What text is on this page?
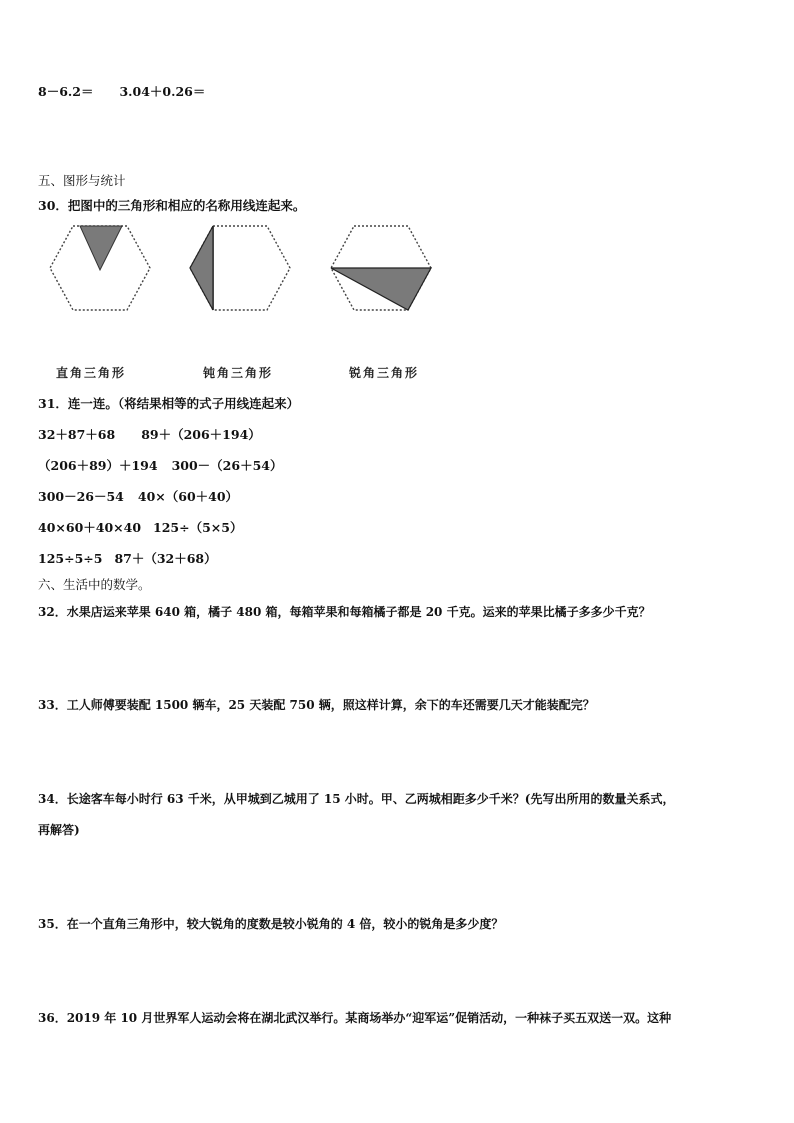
8－6.2＝ 3.04＋0.26＝
五、图形与统计
30．把图中的三角形和相应的名称用线连起来。
直角三角形	钝角三角形	锐角三角形
31．连一连。（将结果相等的式子用线连起来）
32＋87＋68 89＋（206＋194）
（206＋89）＋194 300－（26＋54）
300－26－54 40×（60＋40）
40×60＋40×40 125÷（5×5）
125÷5÷5 87＋（32＋68）
六、生活中的数学。
32．水果店运来苹果 640 箱，橘子 480 箱，每箱苹果和每箱橘子都是 20 千克。运来的苹果比橘子多多少千克？
33．工人师傅要装配 1500 辆车，25 天装配 750 辆，照这样计算，余下的车还需要几天才能装配完？
34．长途客车每小时行 63 千米，从甲城到乙城用了 15 小时。甲、乙两城相距多少千米？(先写出所用的数量关系式，
再解答)
35．在一个直角三角形中，较大锐角的度数是较小锐角的 4 倍，较小的锐角是多少度？
36．2019 年 10 月世界军人运动会将在湖北武汉举行。某商场举办“迎军运”促销活动，一种袜子买五双送一双。这种
